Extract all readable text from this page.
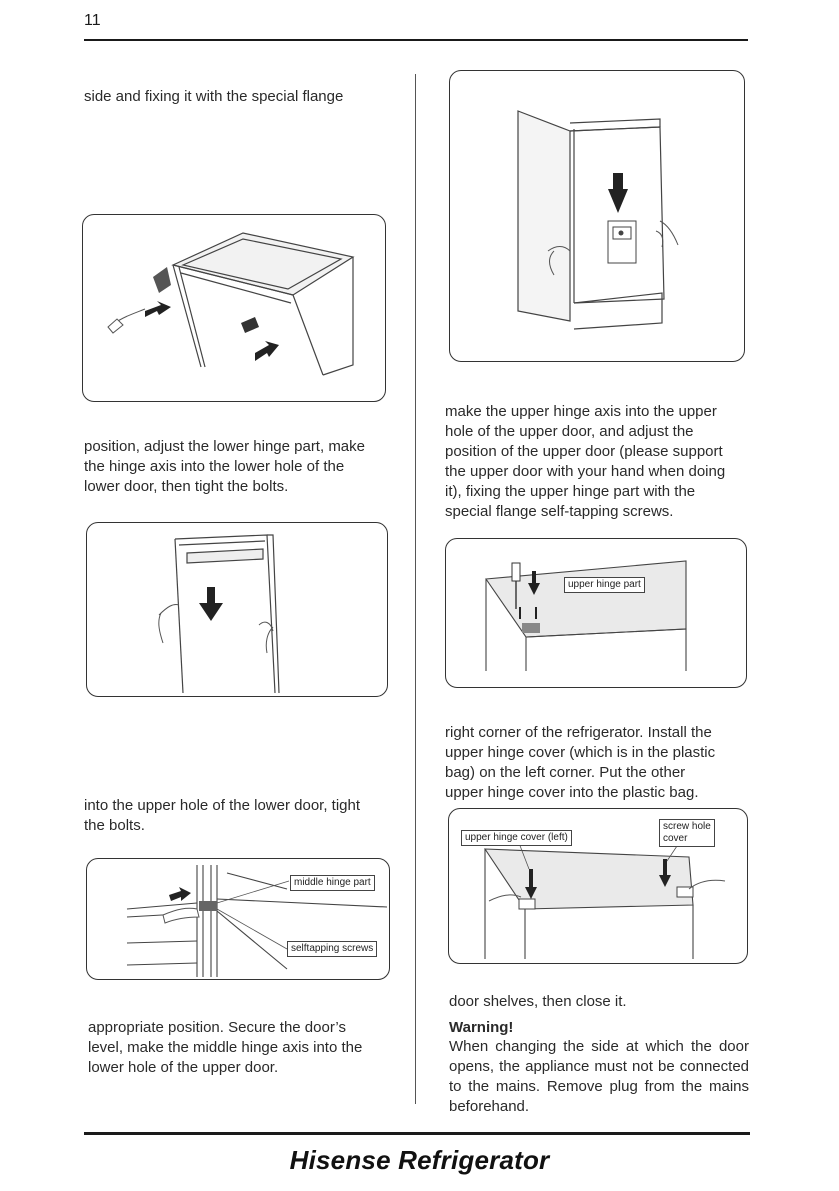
11
side and fixing it with the special flange

position, adjust the lower hinge part, make

the hinge axis into the lower hole of the

lower door, then tight the bolts.

into the upper hole of the lower door, tight

the bolts.

middle hinge part
selftapping screws

appropriate position. Secure the door’s

level, make the middle hinge axis into the

lower hole of the upper door.

make the upper hinge axis into the upper

hole of the upper door, and adjust the

position of the upper door (please support

the upper door with your hand when doing

it), fixing the upper hinge part with the

special flange self-tapping screws.

upper hinge part

right corner of the refrigerator. Install the

upper hinge cover (which is in the plastic

bag) on the left corner. Put the other

upper hinge cover into the plastic bag.

upper hinge cover (left)
screw hole
cover
door shelves, then close it.
Warning!
When changing the side at which the door opens, the appliance must not be connected to the mains. Remove plug from the mains beforehand.
Hisense Refrigerator
